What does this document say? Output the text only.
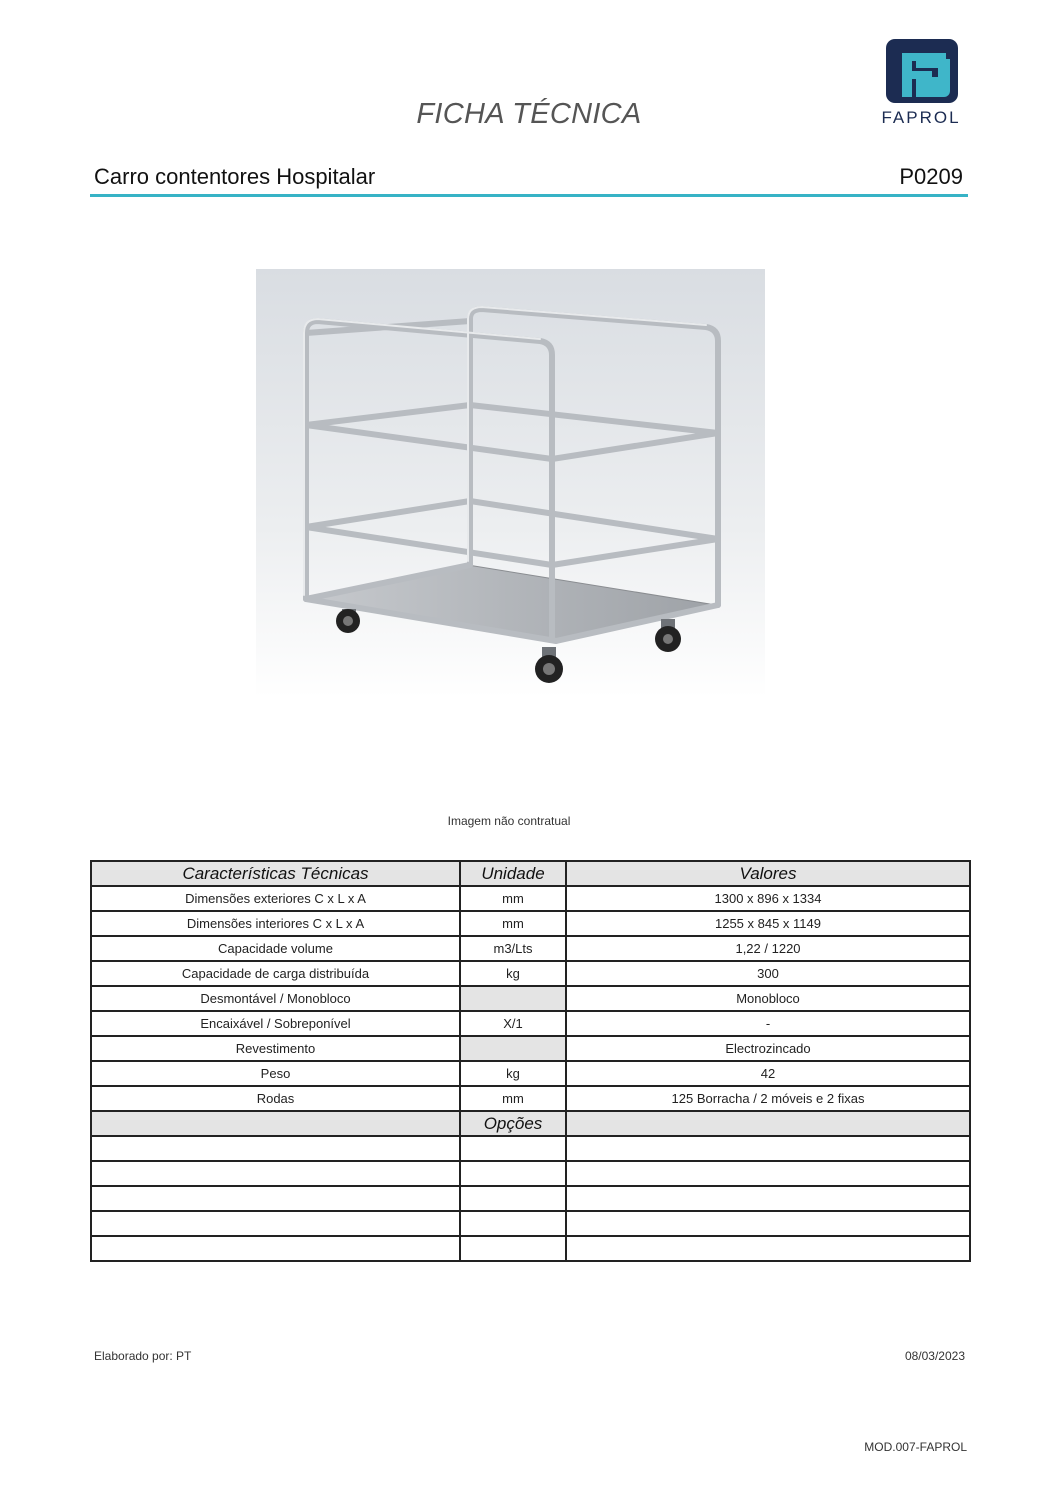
FICHA TÉCNICA	FAPROL
Carro contentores Hospitalar	P0209
Imagem não contratual
Características Técnicas	Unidade	Valores
Dimensões exteriores C x L x A	mm	1300 x 896 x 1334
Dimensões interiores C x L x A	mm	1255 x 845 x 1149
Capacidade volume	m3/Lts	1,22 / 1220
Capacidade de carga distribuída	kg	300
Desmontável / Monobloco		Monobloco
Encaixável / Sobreponível	X/1	-
Revestimento		Electrozincado
Peso	kg	42
Rodas	mm	125 Borracha / 2 móveis e 2 fixas
	Opções	

Elaborado por: PT	08/03/2023
MOD.007-FAPROL
